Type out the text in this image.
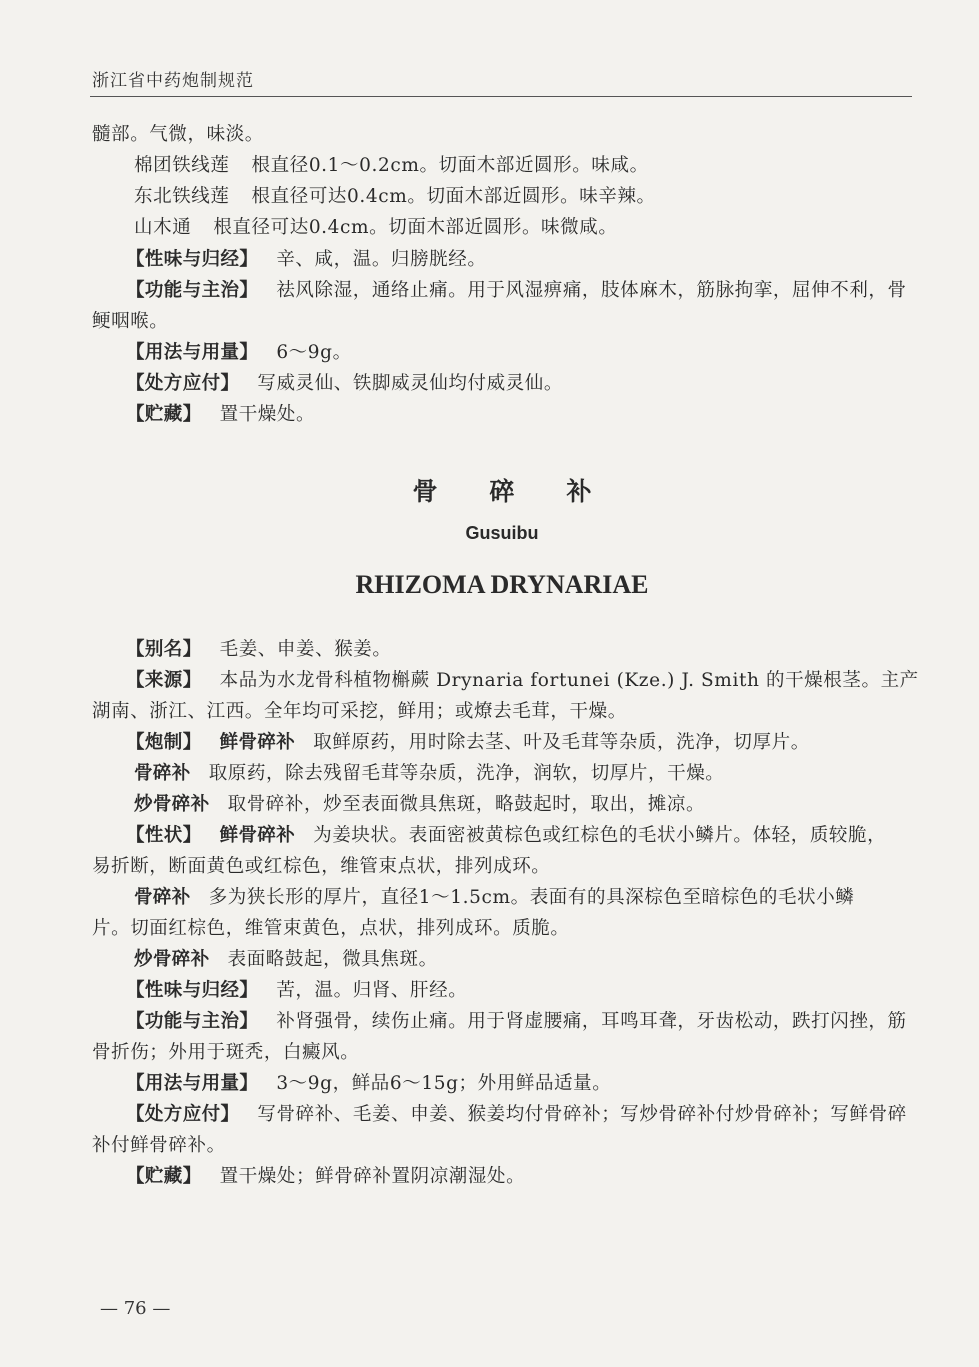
浙江省中药炮制规范
髓部。气微，味淡。
棉团铁线莲 根直径0.1～0.2cm。切面木部近圆形。味咸。
东北铁线莲 根直径可达0.4cm。切面木部近圆形。味辛辣。
山木通 根直径可达0.4cm。切面木部近圆形。味微咸。
【性味与归经】 辛、咸，温。归膀胱经。
【功能与主治】 祛风除湿，通络止痛。用于风湿痹痛，肢体麻木，筋脉拘挛，屈伸不利，骨
鲠咽喉。
【用法与用量】 6～9g。
【处方应付】 写威灵仙、铁脚威灵仙均付威灵仙。
【贮藏】 置干燥处。
骨碎补
Gusuibu
RHIZOMA DRYNARIAE
【别名】 毛姜、申姜、猴姜。
【来源】 本品为水龙骨科植物槲蕨 Drynaria fortunei (Kze.) J. Smith 的干燥根茎。主产
湖南、浙江、江西。全年均可采挖，鲜用；或燎去毛茸，干燥。
【炮制】 鲜骨碎补 取鲜原药，用时除去茎、叶及毛茸等杂质，洗净，切厚片。
骨碎补 取原药，除去残留毛茸等杂质，洗净，润软，切厚片，干燥。
炒骨碎补 取骨碎补，炒至表面微具焦斑，略鼓起时，取出，摊凉。
【性状】 鲜骨碎补 为姜块状。表面密被黄棕色或红棕色的毛状小鳞片。体轻，质较脆，
易折断，断面黄色或红棕色，维管束点状，排列成环。
骨碎补 多为狭长形的厚片，直径1～1.5cm。表面有的具深棕色至暗棕色的毛状小鳞
片。切面红棕色，维管束黄色，点状，排列成环。质脆。
炒骨碎补 表面略鼓起，微具焦斑。
【性味与归经】 苦，温。归肾、肝经。
【功能与主治】 补肾强骨，续伤止痛。用于肾虚腰痛，耳鸣耳聋，牙齿松动，跌打闪挫，筋
骨折伤；外用于斑秃，白癜风。
【用法与用量】 3～9g，鲜品6～15g；外用鲜品适量。
【处方应付】 写骨碎补、毛姜、申姜、猴姜均付骨碎补；写炒骨碎补付炒骨碎补；写鲜骨碎
补付鲜骨碎补。
【贮藏】 置干燥处；鲜骨碎补置阴凉潮湿处。
— 76 —
